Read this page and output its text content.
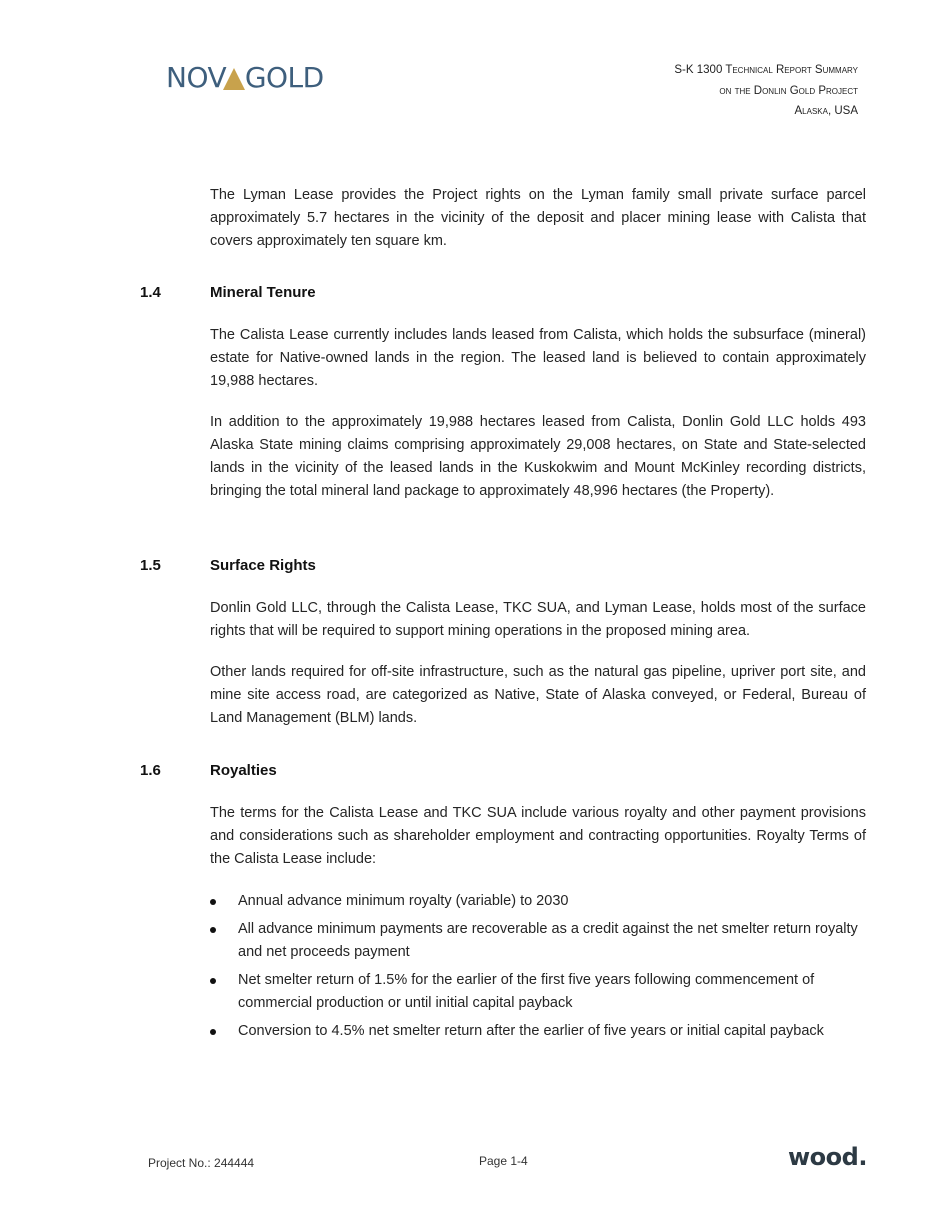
NOV GOLD	S-K 1300 Technical Report Summary
on the Donlin Gold Project
Alaska, USA

The Lyman Lease provides the Project rights on the Lyman family small private surface parcel approximately 5.7 hectares in the vicinity of the deposit and placer mining lease with Calista that covers approximately ten square km.

1.4	Mineral Tenure

The Calista Lease currently includes lands leased from Calista, which holds the subsurface (mineral) estate for Native-owned lands in the region. The leased land is believed to contain approximately 19,988 hectares.

In addition to the approximately 19,988 hectares leased from Calista, Donlin Gold LLC holds 493 Alaska State mining claims comprising approximately 29,008 hectares, on State and State-selected lands in the vicinity of the leased lands in the Kuskokwim and Mount McKinley recording districts, bringing the total mineral land package to approximately 48,996 hectares (the Property).

1.5	Surface Rights

Donlin Gold LLC, through the Calista Lease, TKC SUA, and Lyman Lease, holds most of the surface rights that will be required to support mining operations in the proposed mining area.

Other lands required for off-site infrastructure, such as the natural gas pipeline, upriver port site, and mine site access road, are categorized as Native, State of Alaska conveyed, or Federal, Bureau of Land Management (BLM) lands.

1.6	Royalties

The terms for the Calista Lease and TKC SUA include various royalty and other payment provisions and considerations such as shareholder employment and contracting opportunities. Royalty Terms of the Calista Lease include:

Annual advance minimum royalty (variable) to 2030
All advance minimum payments are recoverable as a credit against the net smelter return royalty and net proceeds payment
Net smelter return of 1.5% for the earlier of the first five years following commencement of commercial production or until initial capital payback
Conversion to 4.5% net smelter return after the earlier of five years or initial capital payback
Project No.: 244444	Page 1-4	wood.
